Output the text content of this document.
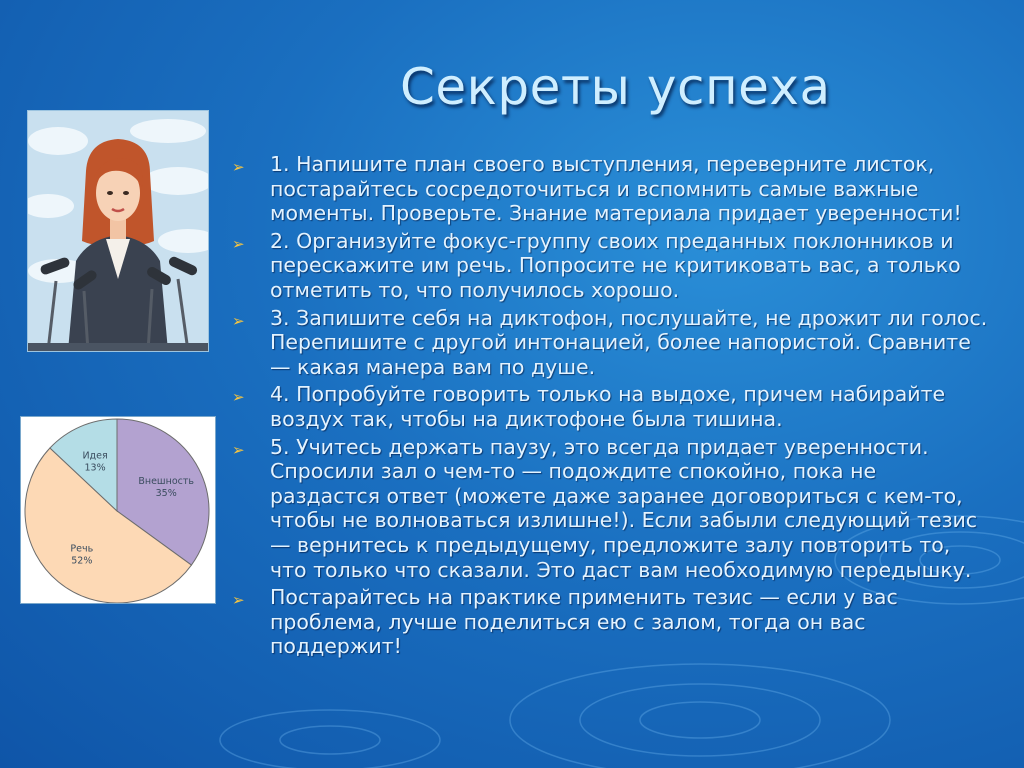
Секреты успеха
Внешность
35%
Речь
52%
Идея
13%
➢ 1. Напишите план своего выступления, переверните листок, постарайтесь сосредоточиться и вспомнить самые важные моменты. Проверьте. Знание материала придает уверенности!
➢ 2. Организуйте фокус-группу своих преданных поклонников и перескажите им речь. Попросите не критиковать вас, а только отметить то, что получилось хорошо.
➢ 3. Запишите себя на диктофон, послушайте, не дрожит ли голос. Перепишите с другой интонацией, более напористой. Сравните — какая манера вам по душе.
➢ 4. Попробуйте говорить только на выдохе, причем набирайте воздух так, чтобы на диктофоне была тишина.
➢ 5. Учитесь держать паузу, это всегда придает уверенности. Спросили зал о чем-то — подождите спокойно, пока не раздастся ответ (можете даже заранее договориться с кем-то, чтобы не волноваться излишне!). Если забыли следующий тезис — вернитесь к предыдущему, предложите залу повторить то, что только что сказали. Это даст вам необходимую передышку.
➢ Постарайтесь на практике применить тезис — если у вас проблема, лучше поделиться ею с залом, тогда он вас поддержит!
